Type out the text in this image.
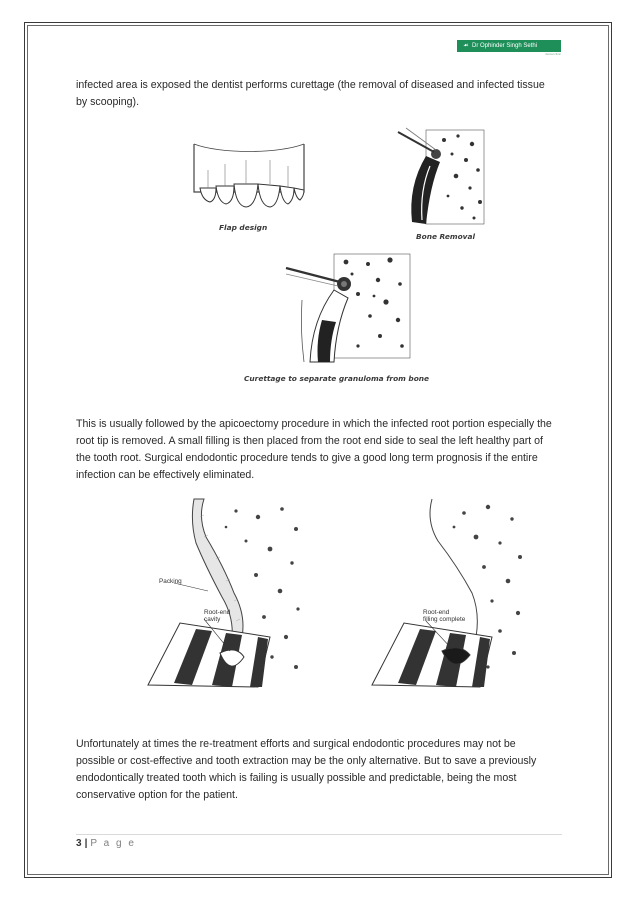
☙ Dr Ophinder Singh Sethi
dental clinic

infected area is exposed the dentist performs curettage (the removal of diseased and infected tissue by scooping).

Flap design
Bone Removal
Curettage to separate granuloma from bone

This is usually followed by the apicoectomy procedure in which the infected root portion especially the root tip is removed. A small filling is then placed from the root end side to seal the left healthy part of the tooth root. Surgical endodontic procedure tends to give a good long term prognosis if the entire infection can be effectively eliminated.

Packing
Root-end
cavity
Root-end
filling complete

Unfortunately at times the re-treatment efforts and surgical endodontic procedures may not be possible or cost-effective and tooth extraction may be the only alternative. But to save a previously endodontically treated tooth which is failing is usually possible and predictable, being the most conservative option for the patient.

3 | P a g e
